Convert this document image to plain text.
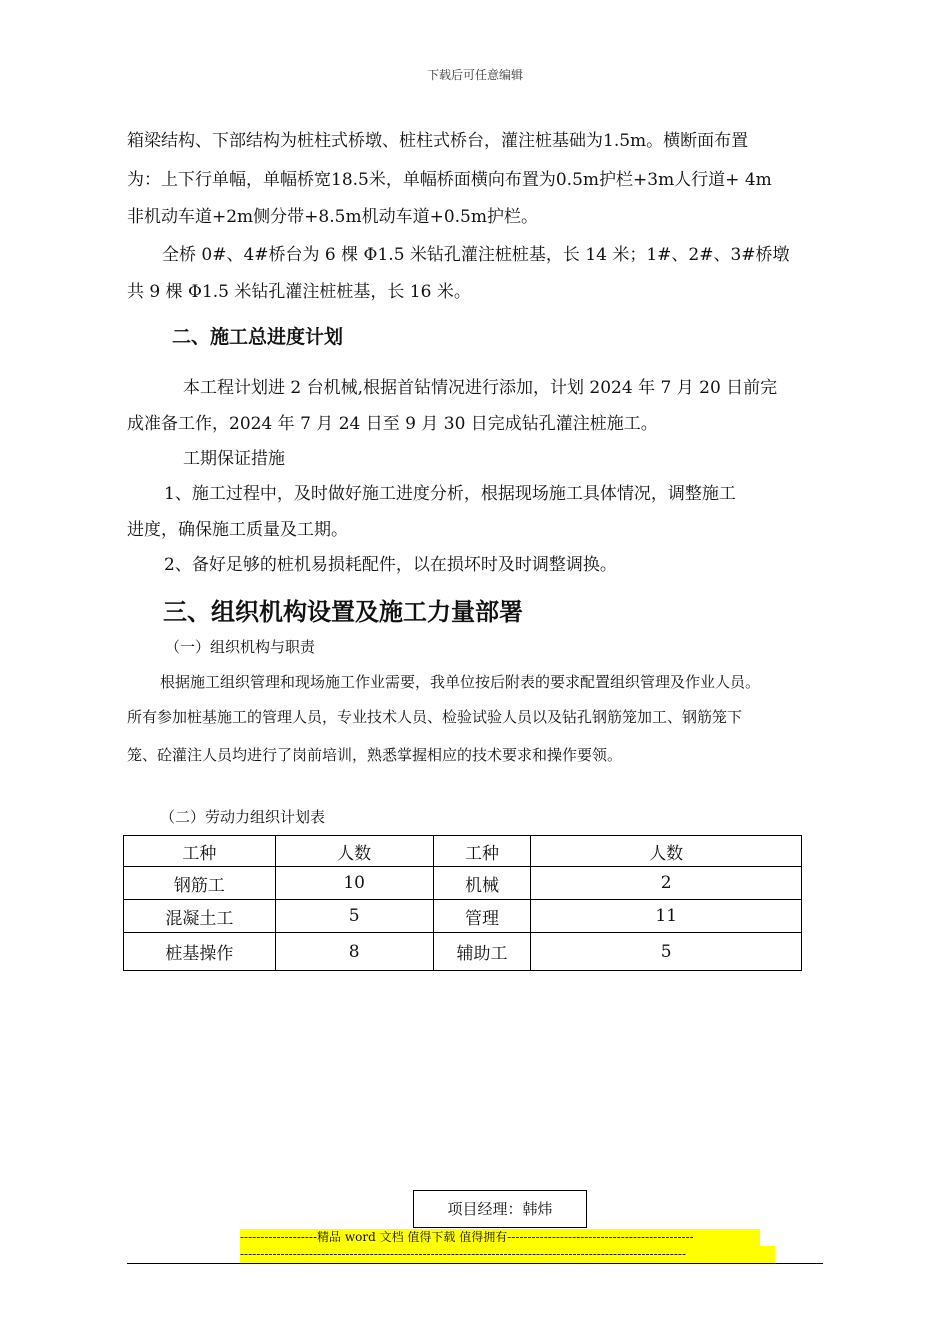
下载后可任意编辑
箱梁结构、下部结构为桩柱式桥墩、桩柱式桥台，灌注桩基础为1.5m。横断面布置
为：上下行单幅，单幅桥宽18.5米，单幅桥面横向布置为0.5m护栏+3m人行道+ 4m
非机动车道+2m侧分带+8.5m机动车道+0.5m护栏。
全桥 0#、4#桥台为 6 棵 Φ1.5 米钻孔灌注桩桩基，长 14 米；1#、2#、3#桥墩
共 9 棵 Φ1.5 米钻孔灌注桩桩基，长 16 米。
二、施工总进度计划
本工程计划进 2 台机械,根据首钻情况进行添加，计划 2024 年 7 月 20 日前完
成准备工作，2024 年 7 月 24 日至 9 月 30 日完成钻孔灌注桩施工。
工期保证措施
1、施工过程中，及时做好施工进度分析，根据现场施工具体情况，调整施工
进度，确保施工质量及工期。
2、备好足够的桩机易损耗配件，以在损坏时及时调整调换。
三、组织机构设置及施工力量部署
（一）组织机构与职责
根据施工组织管理和现场施工作业需要，我单位按后附表的要求配置组织管理及作业人员。
所有参加桩基施工的管理人员，专业技术人员、检验试验人员以及钻孔钢筋笼加工、钢筋笼下
笼、砼灌注人员均进行了岗前培训，熟悉掌握相应的技术要求和操作要领。
（二）劳动力组织计划表
工种	人数	工种	人数
钢筋工	10	机械	2
混凝土工	5	管理	11
桩基操作	8	辅助工	5
项目经理：韩炜
-------------------精品 word 文档 值得下载 值得拥有----------------------------------------------
--------------------------------------------------------------------------------------------------------------
